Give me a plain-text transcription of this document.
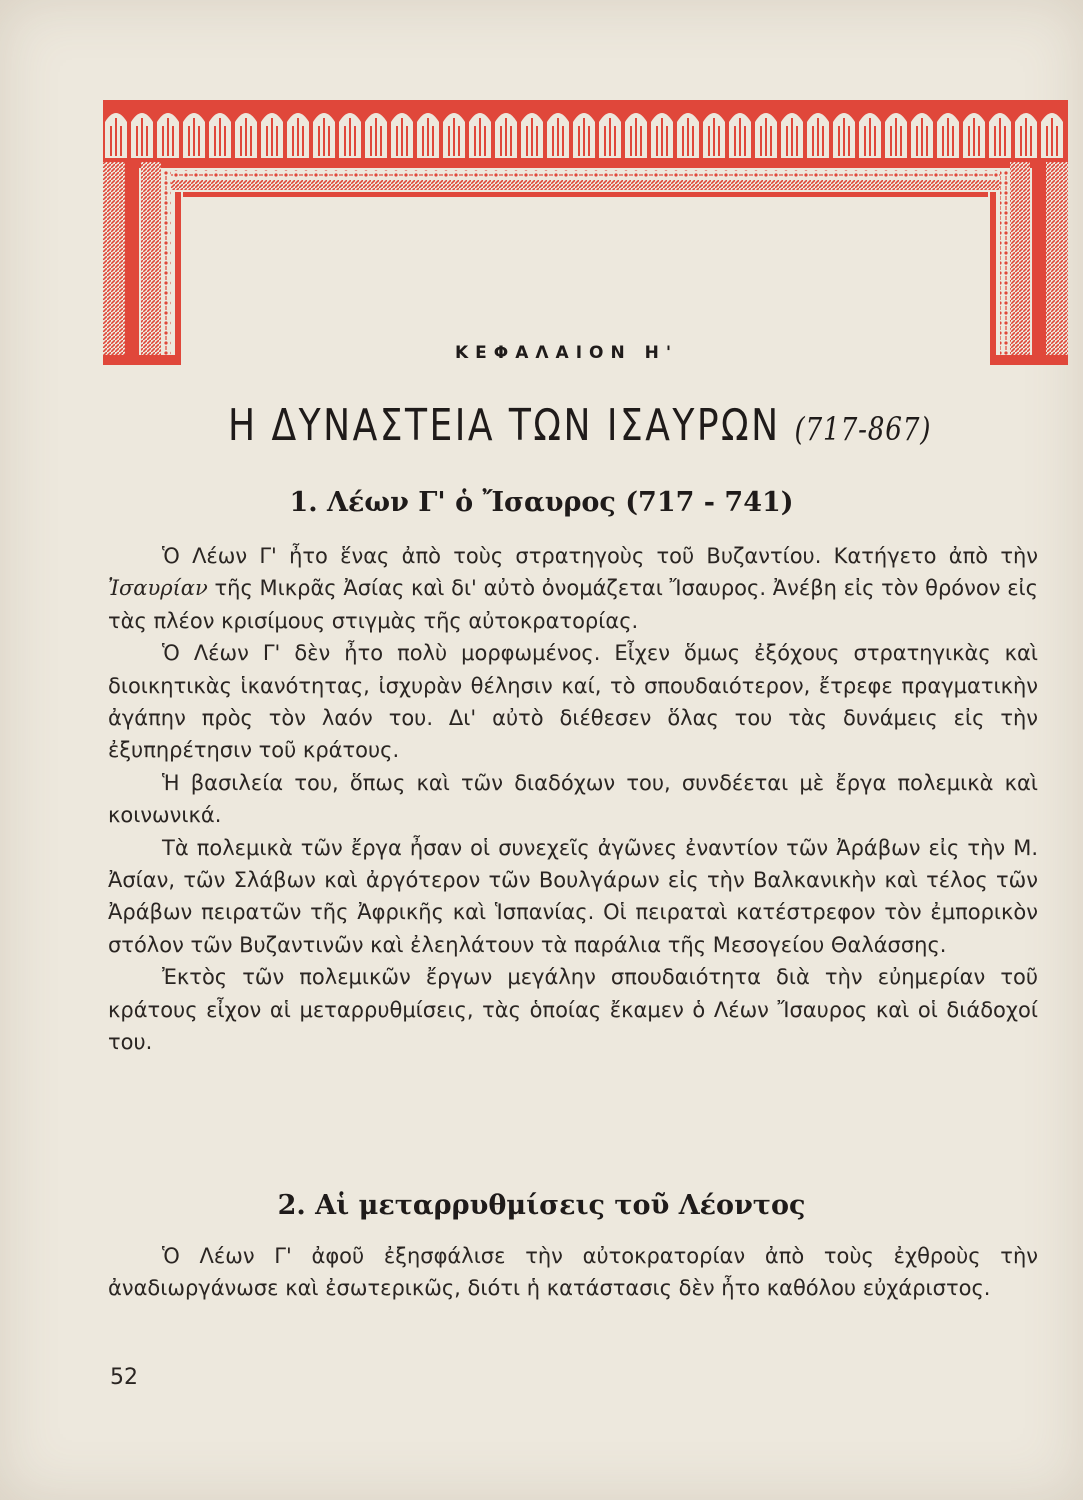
ΚΕΦΑΛΑΙΟΝ Η'
Η ΔΥΝΑΣΤΕΙΑ ΤΩΝ ΙΣΑΥΡΩΝ (717-867)
1. Λέων Γ' ὁ Ἴσαυρος (717 - 741)

Ὁ Λέων Γ' ἦτο ἕνας ἀπὸ τοὺς στρατηγοὺς τοῦ Βυζαντίου. Κατήγετο ἀπὸ τὴν Ἰσαυρίαν τῆς Μικρᾶς Ἀσίας καὶ δι' αὐτὸ ὀνομάζεται Ἴσαυρος. Ἀνέβη εἰς τὸν θρόνον εἰς τὰς πλέον κρισίμους στιγμὰς τῆς αὐτοκρατορίας.

Ὁ Λέων Γ' δὲν ἦτο πολὺ μορφωμένος. Εἶχεν ὅμως ἐξόχους στρατηγικὰς καὶ διοικητικὰς ἱκανότητας, ἰσχυρὰν θέλησιν καί, τὸ σπουδαιότερον, ἔτρεφε πραγματικὴν ἀγάπην πρὸς τὸν λαόν του. Δι' αὐτὸ διέθεσεν ὅλας του τὰς δυνάμεις εἰς τὴν ἐξυπηρέτησιν τοῦ κράτους.

Ἡ βασιλεία του, ὅπως καὶ τῶν διαδόχων του, συνδέεται μὲ ἔργα πολεμικὰ καὶ κοινωνικά.

Τὰ πολεμικὰ τῶν ἔργα ἦσαν οἱ συνεχεῖς ἀγῶνες ἐναντίον τῶν Ἀράβων εἰς τὴν Μ. Ἀσίαν, τῶν Σλάβων καὶ ἀργότερον τῶν Βουλγάρων εἰς τὴν Βαλκανικὴν καὶ τέλος τῶν Ἀράβων πειρατῶν τῆς Ἀφρικῆς καὶ Ἱσπανίας. Οἱ πειραταὶ κατέστρεφον τὸν ἐμπορικὸν στόλον τῶν Βυζαντινῶν καὶ ἐλεηλάτουν τὰ παράλια τῆς Μεσογείου Θαλάσσης.

Ἐκτὸς τῶν πολεμικῶν ἔργων μεγάλην σπουδαιότητα διὰ τὴν εὐημερίαν τοῦ κράτους εἶχον αἱ μεταρρυθμίσεις, τὰς ὁποίας ἔκαμεν ὁ Λέων Ἴσαυρος καὶ οἱ διάδοχοί του.

2. Αἱ μεταρρυθμίσεις τοῦ Λέοντος

Ὁ Λέων Γ' ἀφοῦ ἐξησφάλισε τὴν αὐτοκρατορίαν ἀπὸ τοὺς ἐχθροὺς τὴν ἀναδιωργάνωσε καὶ ἐσωτερικῶς, διότι ἡ κατάστασις δὲν ἦτο καθόλου εὐχάριστος.

52
